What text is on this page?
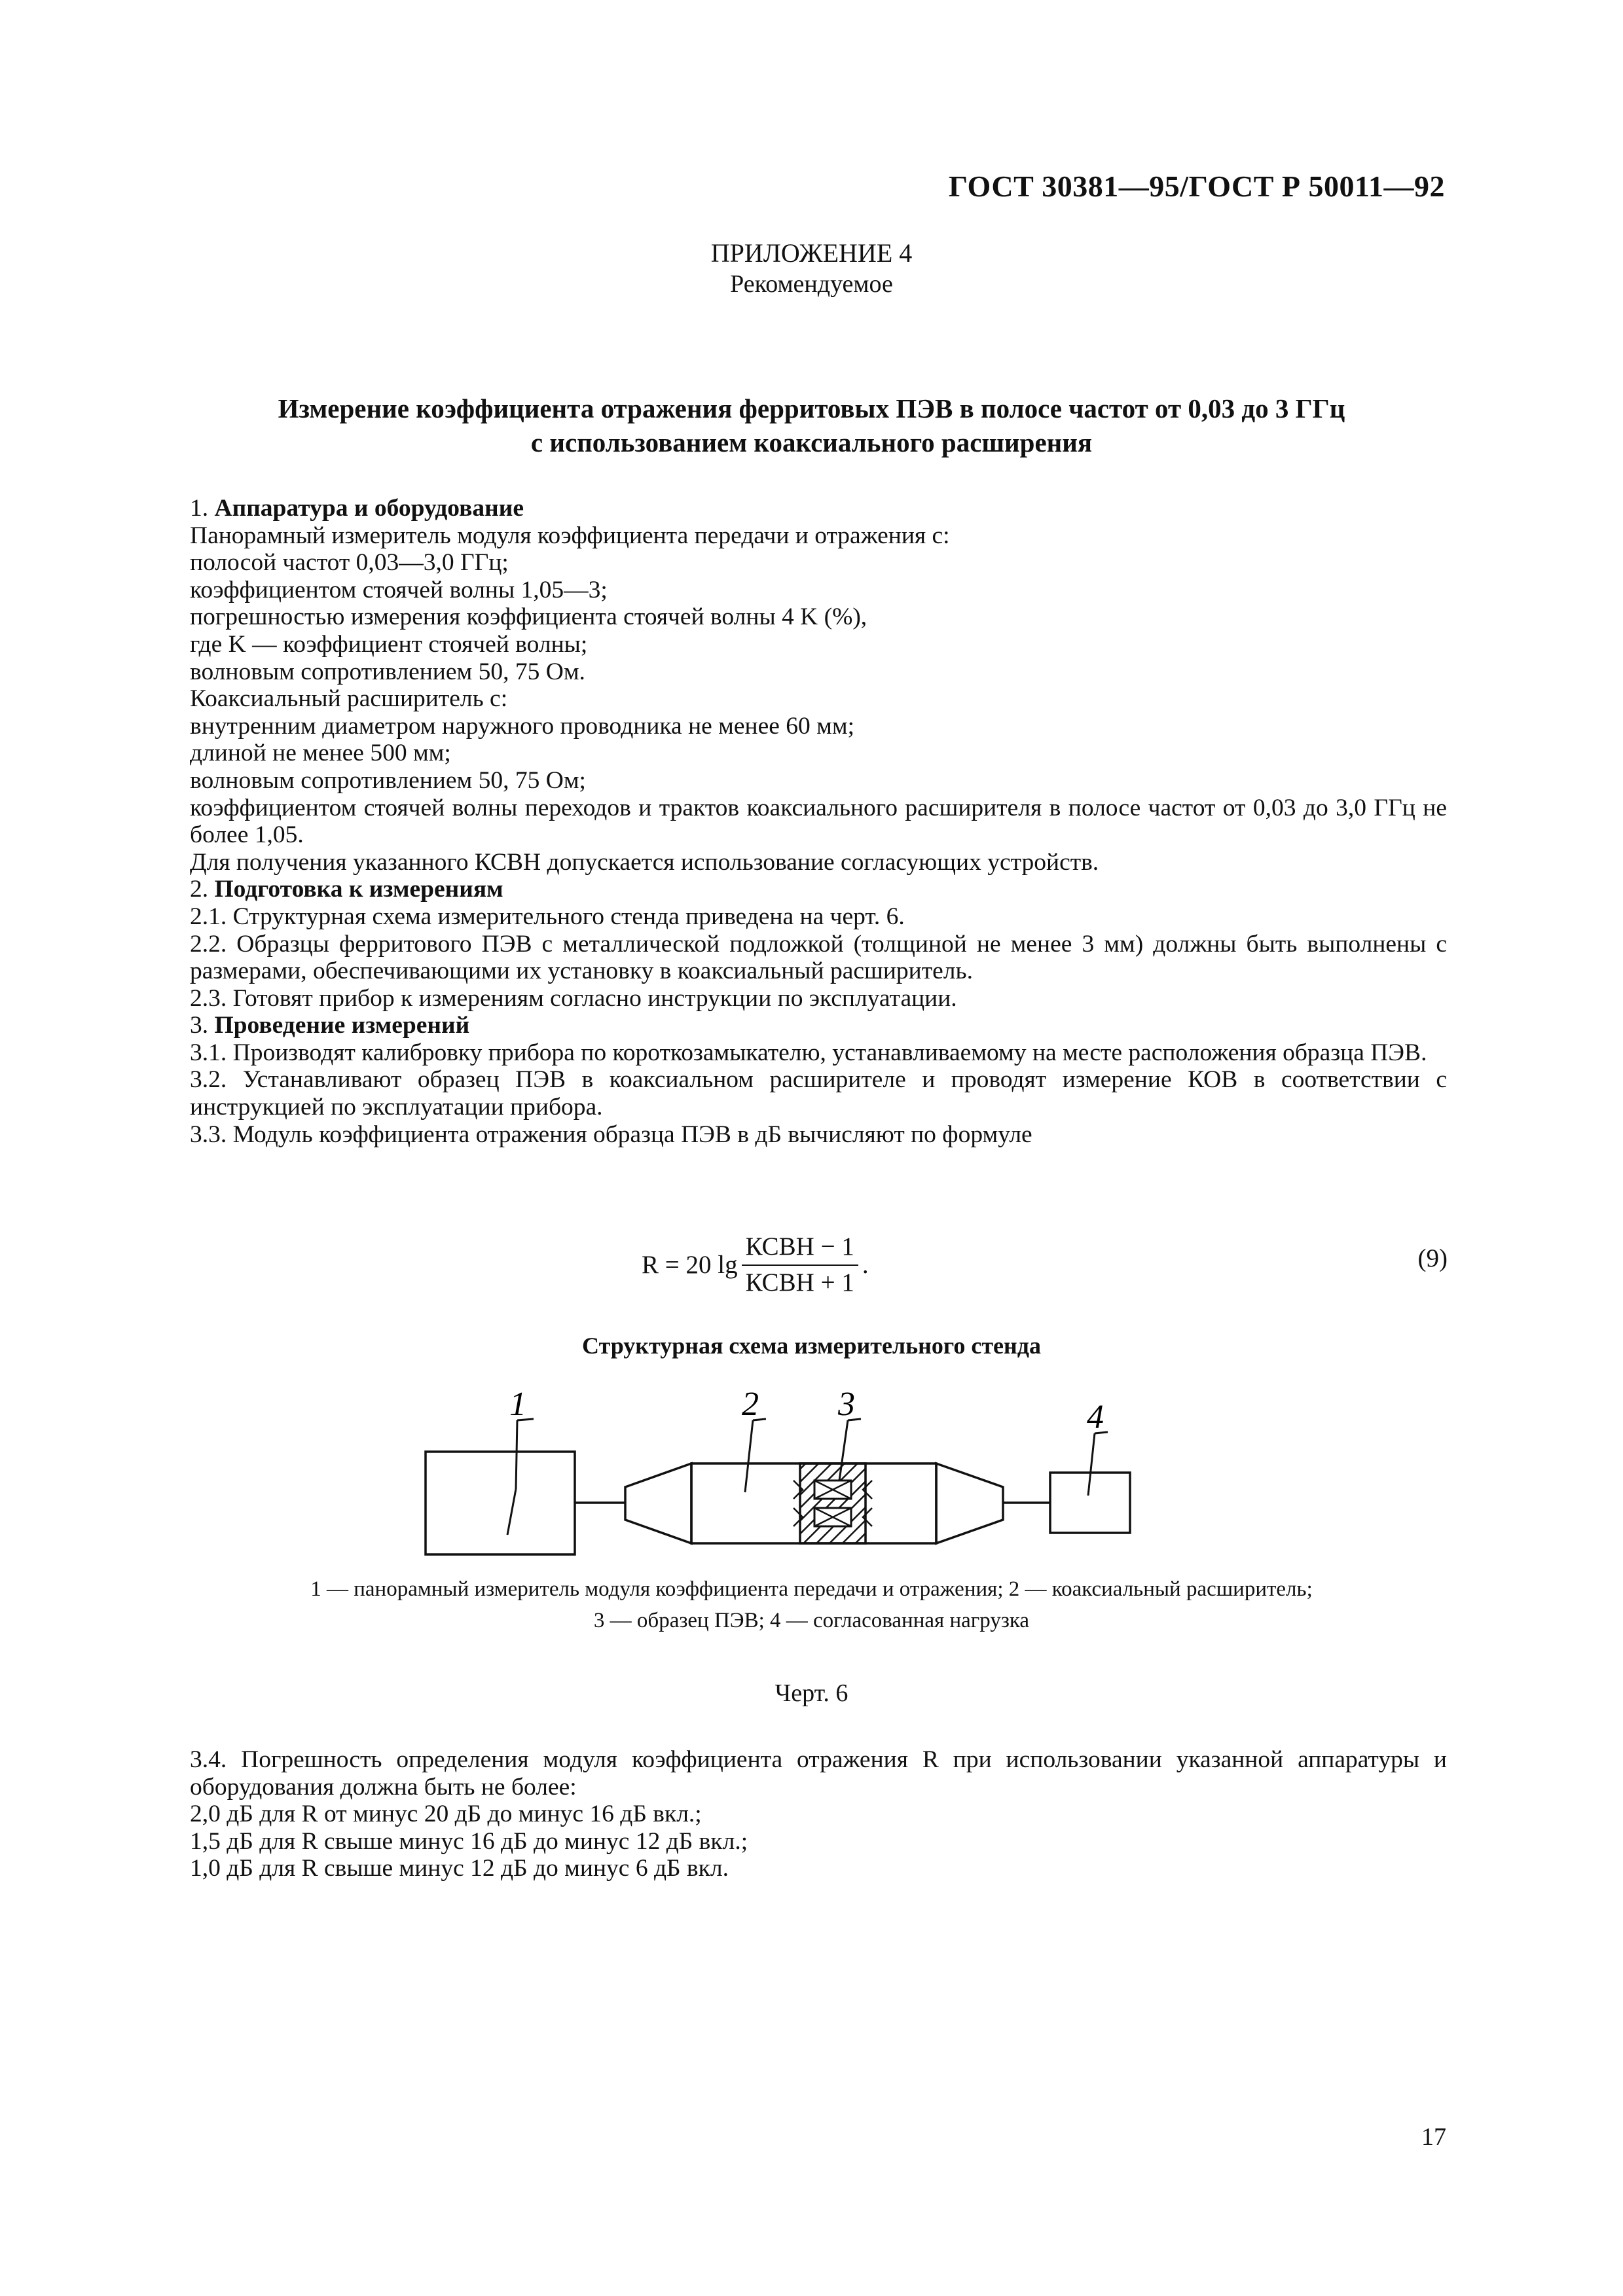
ГОСТ 30381—95/ГОСТ Р 50011—92
ПРИЛОЖЕНИЕ 4
Рекомендуемое
Измерение коэффициента отражения ферритовых ПЭВ в полосе частот от 0,03 до 3 ГГц
с использованием коаксиального расширения

1. Аппаратура и оборудование

Панорамный измеритель модуля коэффициента передачи и отражения с:

полосой частот 0,03—3,0 ГГц;

коэффициентом стоячей волны 1,05—3;

погрешностью измерения коэффициента стоячей волны 4 K (%),

где K — коэффициент стоячей волны;

волновым сопротивлением 50, 75 Ом.

Коаксиальный расширитель с:

внутренним диаметром наружного проводника не менее 60 мм;

длиной не менее 500 мм;

волновым сопротивлением 50, 75 Ом;

коэффициентом стоячей волны переходов и трактов коаксиального расширителя в полосе частот от 0,03 до 3,0 ГГц не более 1,05.

Для получения указанного КСВН допускается использование согласующих устройств.

2. Подготовка к измерениям

2.1. Структурная схема измерительного стенда приведена на черт. 6.

2.2. Образцы ферритового ПЭВ с металлической подложкой (толщиной не менее 3 мм) должны быть выполнены с размерами, обеспечивающими их установку в коаксиальный расширитель.

2.3. Готовят прибор к измерениям согласно инструкции по эксплуатации.

3. Проведение измерений

3.1. Производят калибровку прибора по короткозамыкателю, устанавливаемому на месте расположения образца ПЭВ.

3.2. Устанавливают образец ПЭВ в коаксиальном расширителе и проводят измерение КОВ в соответствии с инструкцией по эксплуатации прибора.

3.3. Модуль коэффициента отражения образца ПЭВ в дБ вычисляют по формуле

R = 20 $\lg \frac{\text{КСВН − 1}}{\text{КСВН + 1}}$ .	(9)
Структурная схема измерительного стенда
1	2 3	4
1 — панорамный измеритель модуля коэффициента передачи и отражения; 2 — коаксиальный расширитель;
3 — образец ПЭВ; 4 — согласованная нагрузка
Черт. 6

3.4. Погрешность определения модуля коэффициента отражения R при использовании указанной аппаратуры и оборудования должна быть не более:

2,0 дБ для R от минус 20 дБ до минус 16 дБ вкл.;

1,5 дБ для R свыше минус 16 дБ до минус 12 дБ вкл.;

1,0 дБ для R свыше минус 12 дБ до минус 6 дБ вкл.

17
